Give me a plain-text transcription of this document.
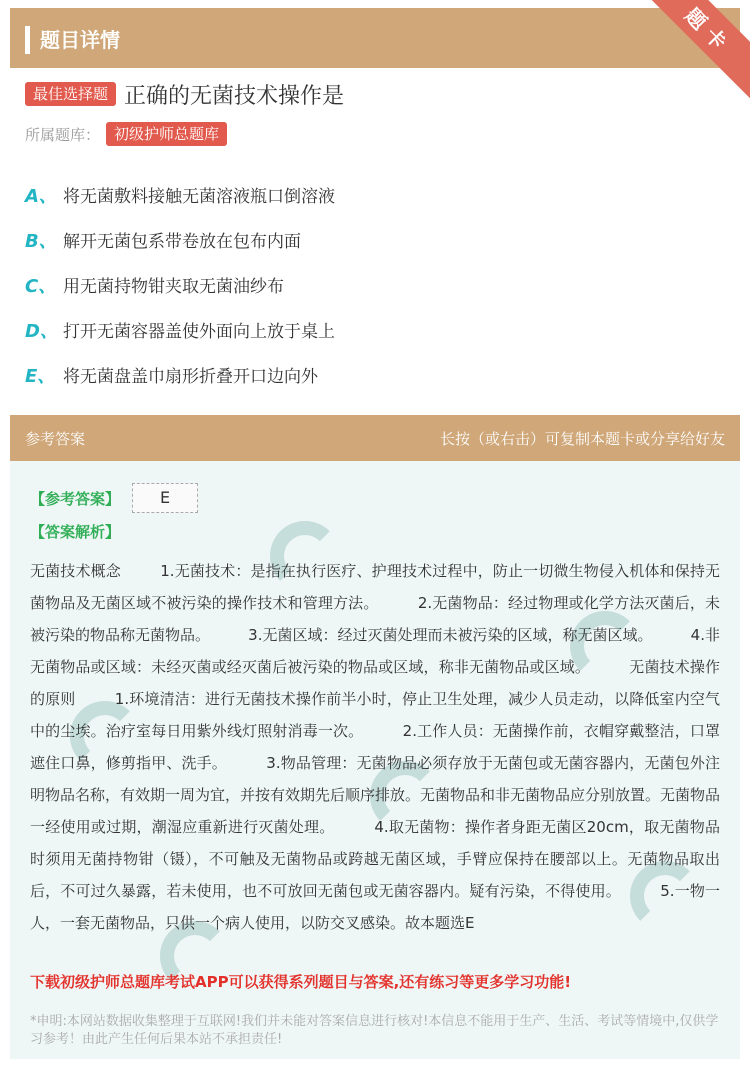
题目详情	题卡
最佳选择题 正确的无菌技术操作是
所属题库： 初级护师总题库
A、 将无菌敷料接触无菌溶液瓶口倒溶液
B、 解开无菌包系带卷放在包布内面
C、 用无菌持物钳夹取无菌油纱布
D、 打开无菌容器盖使外面向上放于桌上
E、 将无菌盘盖巾扇形折叠开口边向外
参考答案	长按（或右击）可复制本题卡或分享给好友
【参考答案】	E
【答案解析】
无菌技术概念        1.无菌技术：是指在执行医疗、护理技术过程中，防止一切微生物侵入机体和保持无菌物品及无菌区域不被污染的操作技术和管理方法。        2.无菌物品：经过物理或化学方法灭菌后，未被污染的物品称无菌物品。        3.无菌区域：经过灭菌处理而未被污染的区域，称无菌区域。        4.非无菌物品或区域：未经灭菌或经灭菌后被污染的物品或区域，称非无菌物品或区域。        无菌技术操作的原则        1.环境清洁：进行无菌技术操作前半小时，停止卫生处理，减少人员走动，以降低室内空气中的尘埃。治疗室每日用紫外线灯照射消毒一次。        2.工作人员：无菌操作前，衣帽穿戴整洁，口罩遮住口鼻，修剪指甲、洗手。        3.物品管理：无菌物品必须存放于无菌包或无菌容器内，无菌包外注明物品名称，有效期一周为宜，并按有效期先后顺序排放。无菌物品和非无菌物品应分别放置。无菌物品一经使用或过期，潮湿应重新进行灭菌处理。        4.取无菌物：操作者身距无菌区20cm，取无菌物品时须用无菌持物钳（镊），不可触及无菌物品或跨越无菌区域，手臂应保持在腰部以上。无菌物品取出后，不可过久暴露，若未使用，也不可放回无菌包或无菌容器内。疑有污染，不得使用。        5.一物一人，一套无菌物品，只供一个病人使用，以防交叉感染。故本题选E
下载初级护师总题库考试APP可以获得系列题目与答案,还有练习等更多学习功能!
*申明:本网站数据收集整理于互联网!我们并未能对答案信息进行核对!本信息不能用于生产、生活、考试等情境中,仅供学习参考！由此产生任何后果本站不承担责任!
